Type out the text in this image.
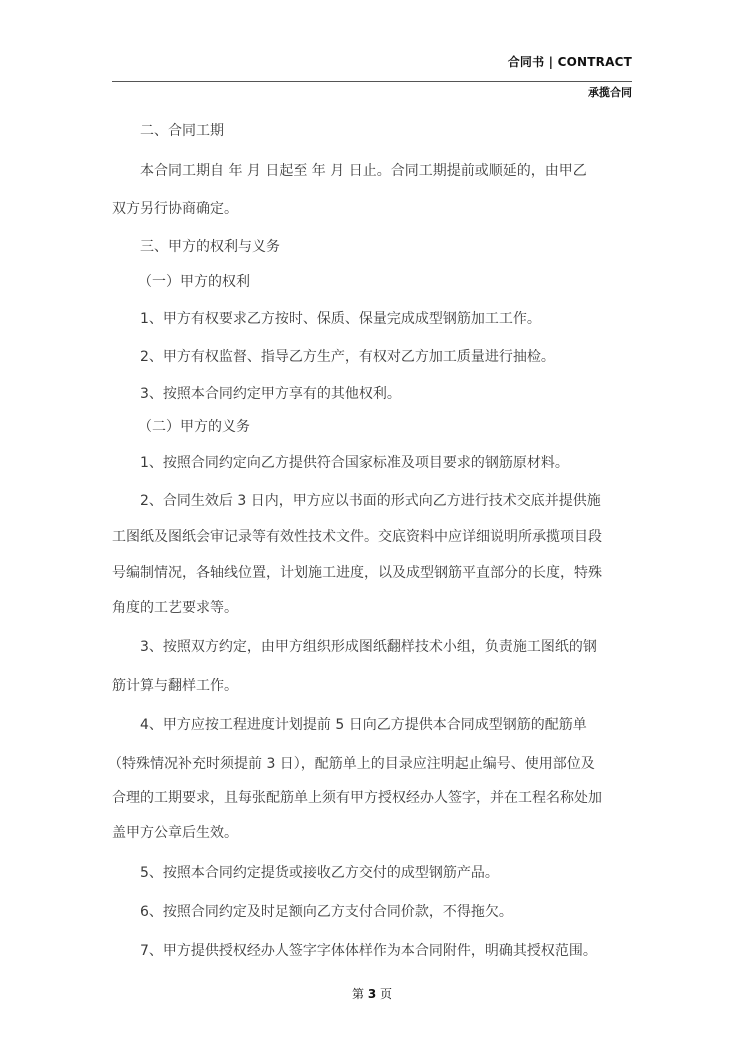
合同书 | CONTRACT
承揽合同
二、合同工期
本合同工期自 年 月 日起至 年 月 日止。合同工期提前或顺延的，由甲乙
双方另行协商确定。
三、甲方的权利与义务
（一）甲方的权利
1、甲方有权要求乙方按时、保质、保量完成成型钢筋加工工作。
2、甲方有权监督、指导乙方生产，有权对乙方加工质量进行抽检。
3、按照本合同约定甲方享有的其他权利。
（二）甲方的义务
1、按照合同约定向乙方提供符合国家标准及项目要求的钢筋原材料。
2、合同生效后 3 日内，甲方应以书面的形式向乙方进行技术交底并提供施
工图纸及图纸会审记录等有效性技术文件。交底资料中应详细说明所承揽项目段
号编制情况，各轴线位置，计划施工进度，以及成型钢筋平直部分的长度，特殊
角度的工艺要求等。
3、按照双方约定，由甲方组织形成图纸翻样技术小组，负责施工图纸的钢
筋计算与翻样工作。
4、甲方应按工程进度计划提前 5 日向乙方提供本合同成型钢筋的配筋单
（特殊情况补充时须提前 3 日），配筋单上的目录应注明起止编号、使用部位及
合理的工期要求，且每张配筋单上须有甲方授权经办人签字，并在工程名称处加
盖甲方公章后生效。
5、按照本合同约定提货或接收乙方交付的成型钢筋产品。
6、按照合同约定及时足额向乙方支付合同价款，不得拖欠。
7、甲方提供授权经办人签字字体体样作为本合同附件，明确其授权范围。
第 3 页
